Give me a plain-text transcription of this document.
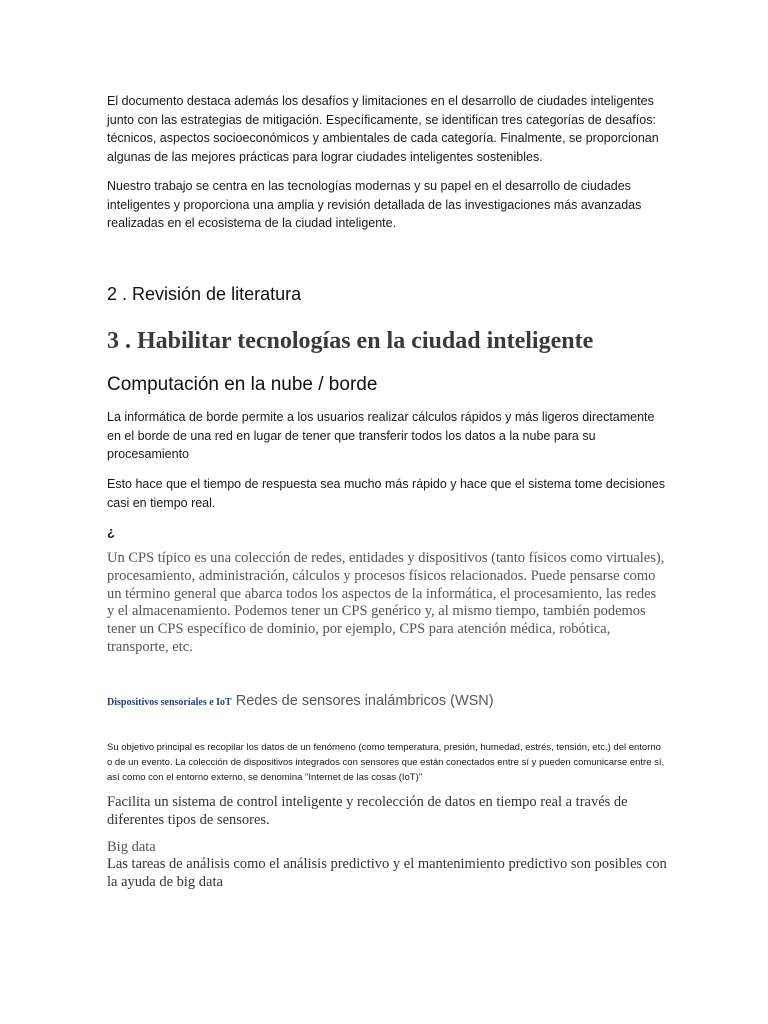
El documento destaca además los desafíos y limitaciones en el desarrollo de ciudades inteligentes junto con las estrategias de mitigación. Específicamente, se identifican tres categorías de desafíos: técnicos, aspectos socioeconómicos y ambientales de cada categoría. Finalmente, se proporcionan algunas de las mejores prácticas para lograr ciudades inteligentes sostenibles.

Nuestro trabajo se centra en las tecnologías modernas y su papel en el desarrollo de ciudades inteligentes y proporciona una amplia y revisión detallada de las investigaciones más avanzadas realizadas en el ecosistema de la ciudad inteligente.

2 . Revisión de literatura
3 . Habilitar tecnologías en la ciudad inteligente
Computación en la nube / borde

La informática de borde permite a los usuarios realizar cálculos rápidos y más ligeros directamente en el borde de una red en lugar de tener que transferir todos los datos a la nube para su procesamiento

Esto hace que el tiempo de respuesta sea mucho más rápido y hace que el sistema tome decisiones casi en tiempo real.

¿

Un CPS típico es una colección de redes, entidades y dispositivos (tanto físicos como virtuales), procesamiento, administración, cálculos y procesos físicos relacionados. Puede pensarse como un término general que abarca todos los aspectos de la informática, el procesamiento, las redes y el almacenamiento. Podemos tener un CPS genérico y, al mismo tiempo, también podemos tener un CPS específico de dominio, por ejemplo, CPS para atención médica, robótica, transporte, etc.

Dispositivos sensoriales e IoT Redes de sensores inalámbricos (WSN)

Su objetivo principal es recopilar los datos de un fenómeno (como temperatura, presión, humedad, estrés, tensión, etc.) del entorno o de un evento. La colección de dispositivos integrados con sensores que están conectados entre sí y pueden comunicarse entre sí, así como con el entorno externo, se denomina "Internet de las cosas (IoT)"

Facilita un sistema de control inteligente y recolección de datos en tiempo real a través de diferentes tipos de sensores.

Big data

Las tareas de análisis como el análisis predictivo y el mantenimiento predictivo son posibles con la ayuda de big data
